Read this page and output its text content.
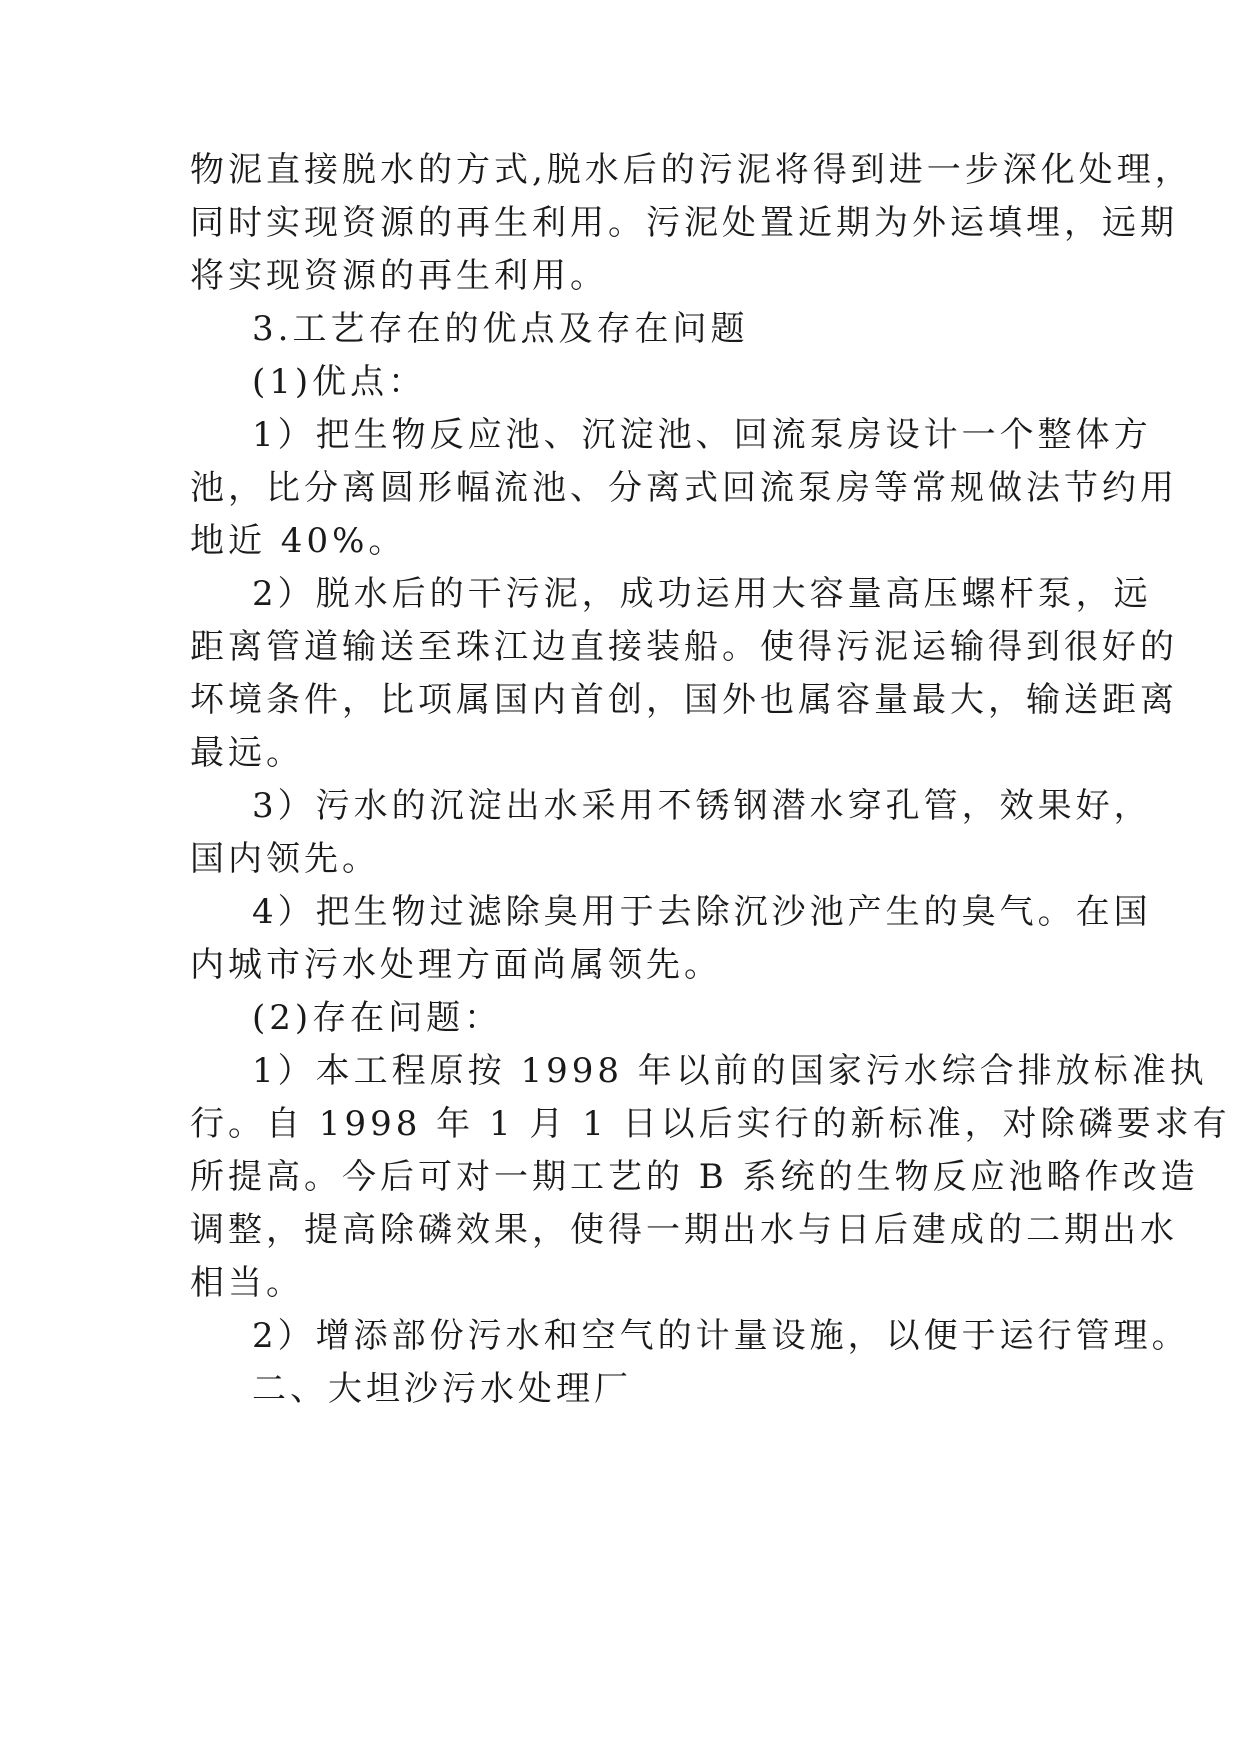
物泥直接脱水的方式,脱水后的污泥将得到进一步深化处理，
同时实现资源的再生利用。污泥处置近期为外运填埋，远期
将实现资源的再生利用。
3.工艺存在的优点及存在问题
(1)优点：
1）把生物反应池、沉淀池、回流泵房设计一个整体方
池，比分离圆形幅流池、分离式回流泵房等常规做法节约用
地近 40%。
2）脱水后的干污泥，成功运用大容量高压螺杆泵，远
距离管道输送至珠江边直接装船。使得污泥运输得到很好的
坏境条件，比项属国内首创，国外也属容量最大，输送距离
最远。
3）污水的沉淀出水采用不锈钢潜水穿孔管，效果好，
国内领先。
4）把生物过滤除臭用于去除沉沙池产生的臭气。在国
内城市污水处理方面尚属领先。
(2)存在问题：
1）本工程原按 1998 年以前的国家污水综合排放标准执
行。自 1998 年 1 月 1 日以后实行的新标准，对除磷要求有
所提高。今后可对一期工艺的 B 系统的生物反应池略作改造
调整，提高除磷效果，使得一期出水与日后建成的二期出水
相当。
2）增添部份污水和空气的计量设施，以便于运行管理。
二、大坦沙污水处理厂
